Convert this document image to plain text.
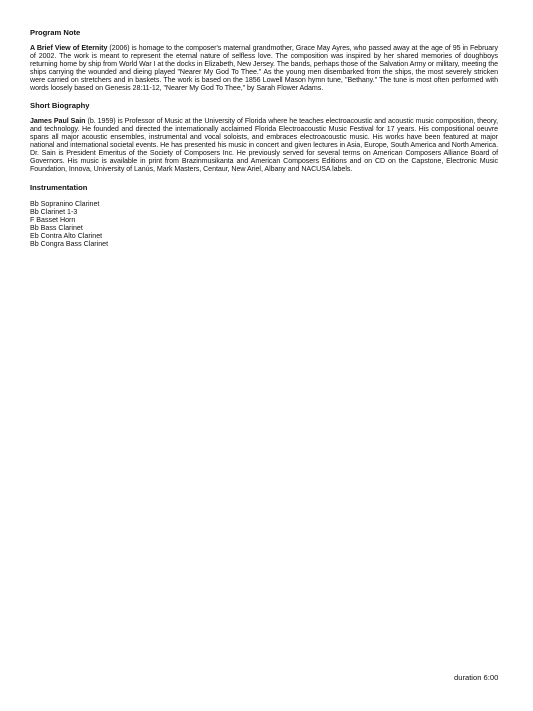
Program Note

A Brief View of Eternity (2006) is homage to the composer's maternal grandmother, Grace May Ayres, who passed away at the age of 95 in February of 2002. The work is meant to represent the eternal nature of selfless love. The composition was inspired by her shared memories of doughboys returning home by ship from World War I at the docks in Elizabeth, New Jersey. The bands, perhaps those of the Salvation Army or military, meeting the ships carrying the wounded and dieing played "Nearer My God To Thee." As the young men disembarked from the ships, the most severely stricken were carried on stretchers and in baskets. The work is based on the 1856 Lowell Mason hymn tune, "Bethany." The tune is most often performed with words loosely based on Genesis 28:11-12, "Nearer My God To Thee," by Sarah Flower Adams.

Short Biography

James Paul Sain (b. 1959) is Professor of Music at the University of Florida where he teaches electroacoustic and acoustic music composition, theory, and technology. He founded and directed the internationally acclaimed Florida Electroacoustic Music Festival for 17 years. His compositional oeuvre spans all major acoustic ensembles, instrumental and vocal soloists, and embraces electroacoustic music. His works have been featured at major national and international societal events. He has presented his music in concert and given lectures in Asia, Europe, South America and North America. Dr. Sain is President Emeritus of the Society of Composers Inc. He previously served for several terms on American Composers Alliance Board of Governors. His music is available in print from Brazinmusikanta and American Composers Editions and on CD on the Capstone, Electronic Music Foundation, Innova, University of Lanús, Mark Masters, Centaur, New Ariel, Albany and NACUSA labels.

Instrumentation
Bb Sopranino Clarinet
Bb Clarinet 1-3
F Basset Horn
Bb Bass Clarinet
Eb Contra Alto Clarinet
Bb Congra Bass Clarinet
duration 6:00
